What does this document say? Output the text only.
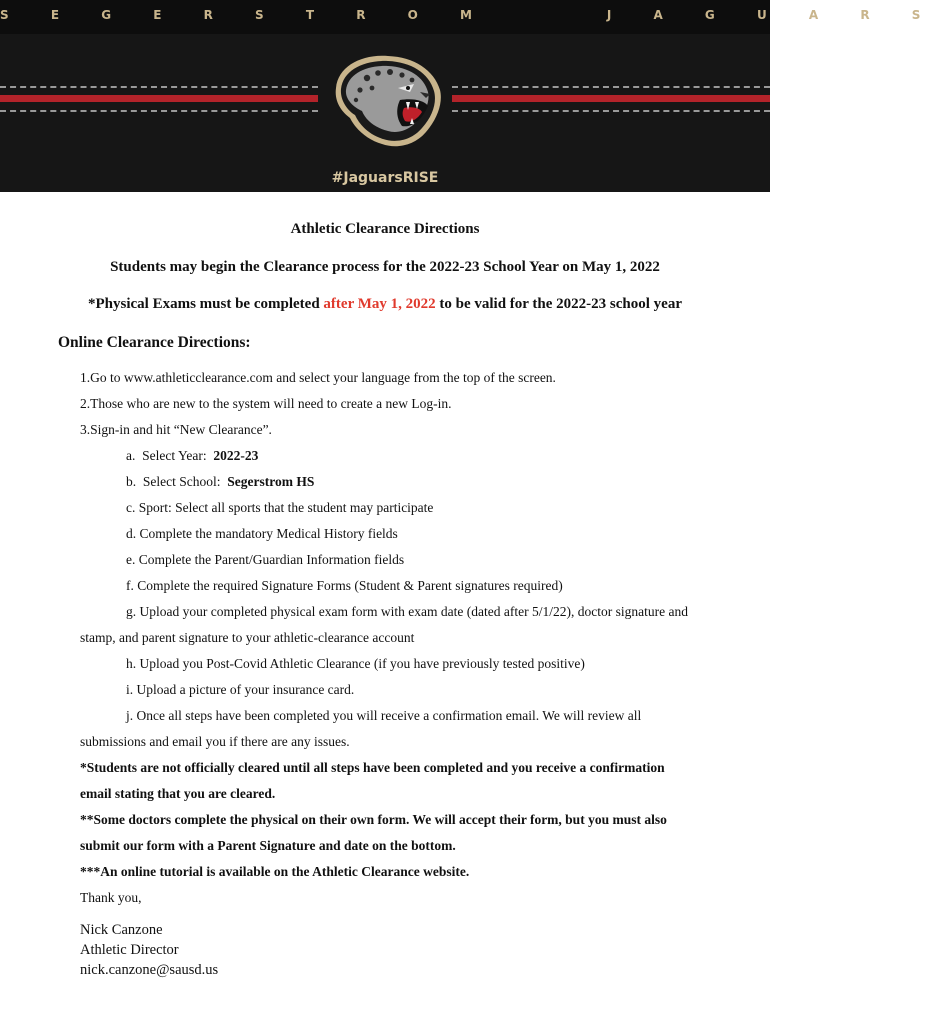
S E G E R S T R O M     J A G U A R S
#JaguarsRISE
Athletic Clearance Directions
Students may begin the Clearance process for the 2022-23 School Year on May 1, 2022
*Physical Exams must be completed after May 1, 2022 to be valid for the 2022-23 school year
Online Clearance Directions:
1.Go to www.athleticclearance.com and select your language from the top of the screen.
2.Those who are new to the system will need to create a new Log-in.
3.Sign-in and hit “New Clearance”.
a.  Select Year:  2022-23
b.  Select School:  Segerstrom HS
c. Sport: Select all sports that the student may participate
d. Complete the mandatory Medical History fields
e. Complete the Parent/Guardian Information fields
f. Complete the required Signature Forms (Student & Parent signatures required)
g. Upload your completed physical exam form with exam date (dated after 5/1/22), doctor signature and
stamp, and parent signature to your athletic-clearance account
h. Upload you Post-Covid Athletic Clearance (if you have previously tested positive)
i. Upload a picture of your insurance card.
j. Once all steps have been completed you will receive a confirmation email. We will review all
submissions and email you if there are any issues.
*Students are not officially cleared until all steps have been completed and you receive a confirmation
email stating that you are cleared.
**Some doctors complete the physical on their own form. We will accept their form, but you must also
submit our form with a Parent Signature and date on the bottom.
***An online tutorial is available on the Athletic Clearance website.
Thank you,
Nick Canzone
Athletic Director
nick.canzone@sausd.us
